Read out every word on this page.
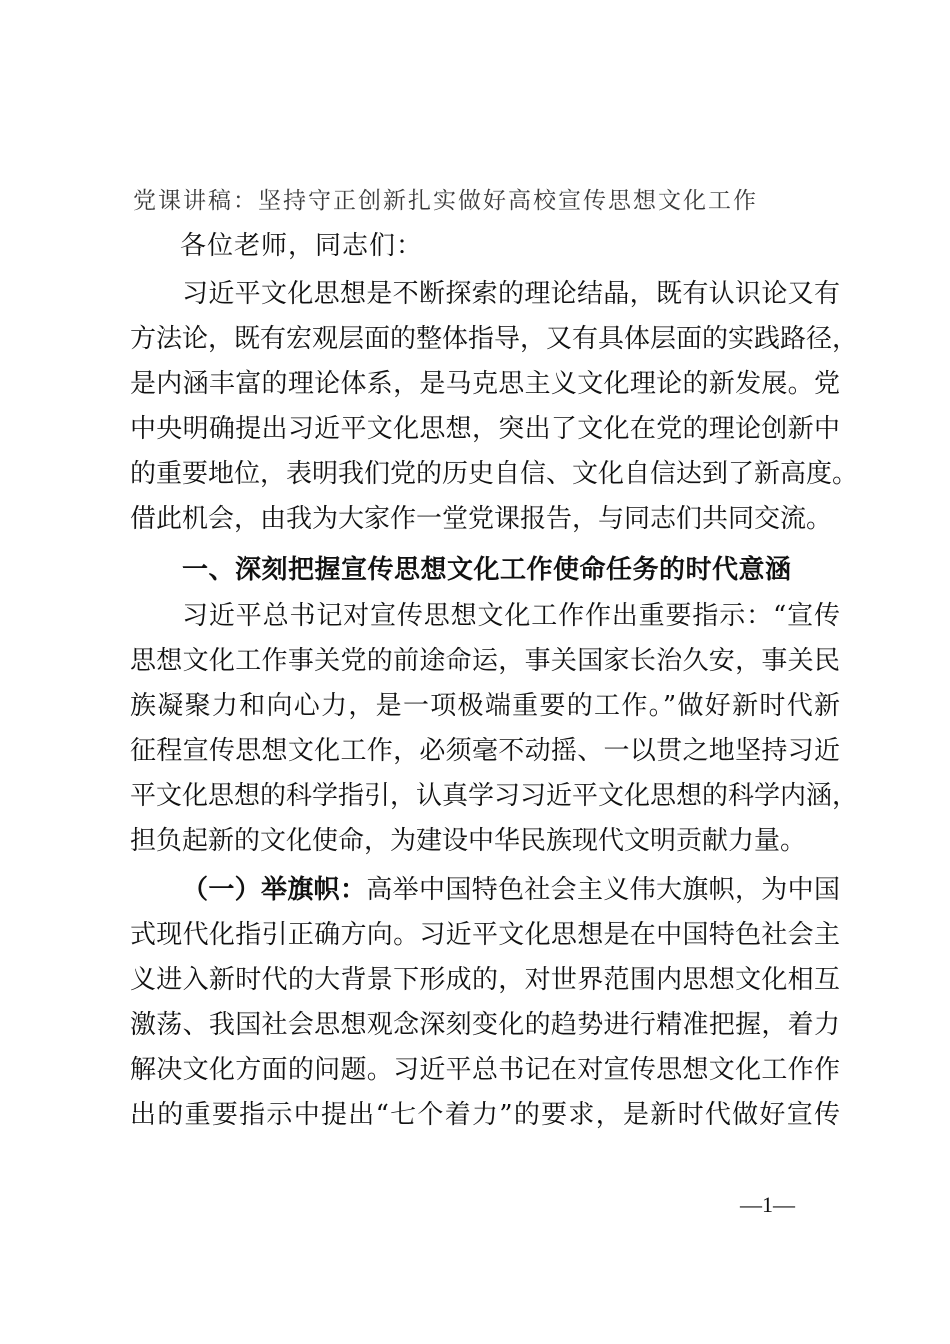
党课讲稿：坚持守正创新扎实做好高校宣传思想文化工作
各位老师，同志们：
习近平文化思想是不断探索的理论结晶，既有认识论又有
方法论，既有宏观层面的整体指导，又有具体层面的实践路径，
是内涵丰富的理论体系，是马克思主义文化理论的新发展。党
中央明确提出习近平文化思想，突出了文化在党的理论创新中
的重要地位，表明我们党的历史自信、文化自信达到了新高度。
借此机会，由我为大家作一堂党课报告，与同志们共同交流。
一、深刻把握宣传思想文化工作使命任务的时代意涵
习近平总书记对宣传思想文化工作作出重要指示：“宣传
思想文化工作事关党的前途命运，事关国家长治久安，事关民
族凝聚力和向心力，是一项极端重要的工作。”做好新时代新
征程宣传思想文化工作，必须毫不动摇、一以贯之地坚持习近
平文化思想的科学指引，认真学习习近平文化思想的科学内涵，
担负起新的文化使命，为建设中华民族现代文明贡献力量。
（一）举旗帜：高举中国特色社会主义伟大旗帜，为中国
式现代化指引正确方向。习近平文化思想是在中国特色社会主
义进入新时代的大背景下形成的，对世界范围内思想文化相互
激荡、我国社会思想观念深刻变化的趋势进行精准把握，着力
解决文化方面的问题。习近平总书记在对宣传思想文化工作作
出的重要指示中提出“七个着力”的要求，是新时代做好宣传
—1—
